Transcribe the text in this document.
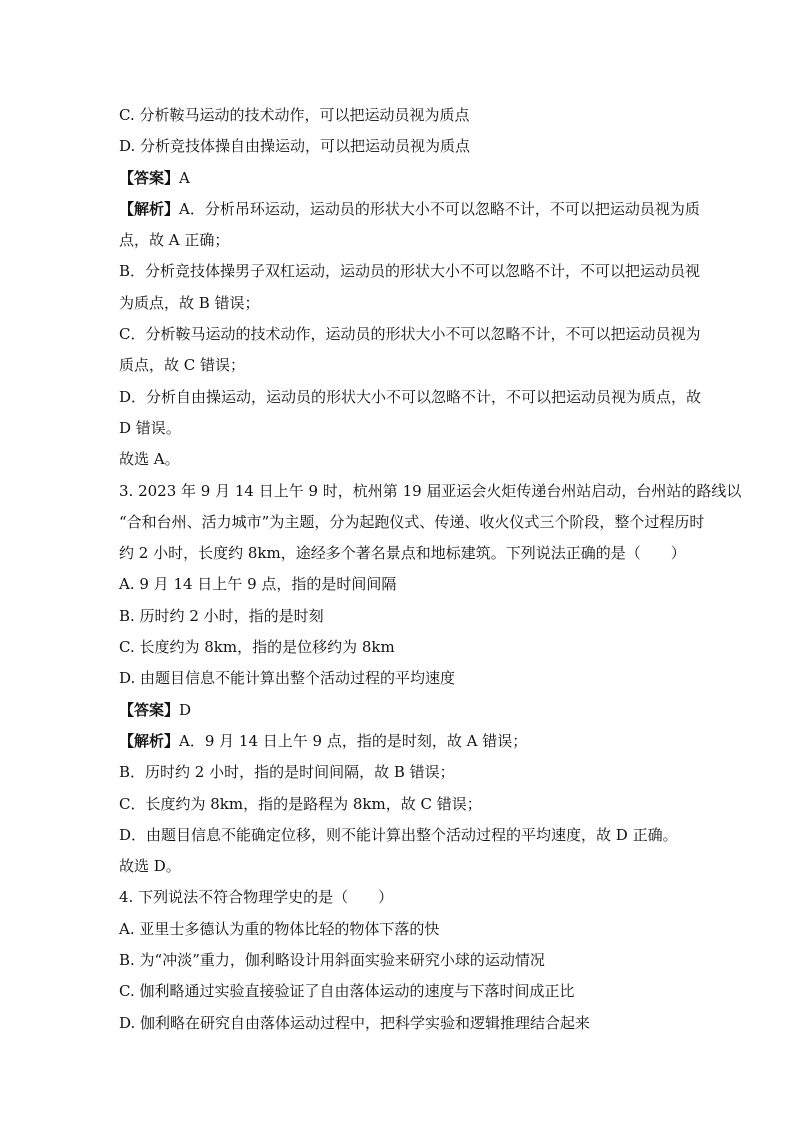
C. 分析鞍马运动的技术动作，可以把运动员视为质点
D. 分析竞技体操自由操运动，可以把运动员视为质点
【答案】A
【解析】A．分析吊环运动，运动员的形状大小不可以忽略不计，不可以把运动员视为质
点，故 A 正确；
B．分析竞技体操男子双杠运动，运动员的形状大小不可以忽略不计，不可以把运动员视
为质点，故 B 错误；
C．分析鞍马运动的技术动作，运动员的形状大小不可以忽略不计，不可以把运动员视为
质点，故 C 错误；
D．分析自由操运动，运动员的形状大小不可以忽略不计，不可以把运动员视为质点，故
D 错误。
故选 A。
3. 2023 年 9 月 14 日上午 9 时，杭州第 19 届亚运会火炬传递台州站启动，台州站的路线以
“合和台州、活力城市”为主题，分为起跑仪式、传递、收火仪式三个阶段，整个过程历时
约 2 小时，长度约 8km，途经多个著名景点和地标建筑。下列说法正确的是（　　）
A. 9 月 14 日上午 9 点，指的是时间间隔
B. 历时约 2 小时，指的是时刻
C. 长度约为 8km，指的是位移约为 8km
D. 由题目信息不能计算出整个活动过程的平均速度
【答案】D
【解析】A．9 月 14 日上午 9 点，指的是时刻，故 A 错误；
B．历时约 2 小时，指的是时间间隔，故 B 错误；
C．长度约为 8km，指的是路程为 8km，故 C 错误；
D．由题目信息不能确定位移，则不能计算出整个活动过程的平均速度，故 D 正确。
故选 D。
4. 下列说法不符合物理学史的是（　　）
A. 亚里士多德认为重的物体比轻的物体下落的快
B. 为“冲淡”重力，伽利略设计用斜面实验来研究小球的运动情况
C. 伽利略通过实验直接验证了自由落体运动的速度与下落时间成正比
D. 伽利略在研究自由落体运动过程中，把科学实验和逻辑推理结合起来
